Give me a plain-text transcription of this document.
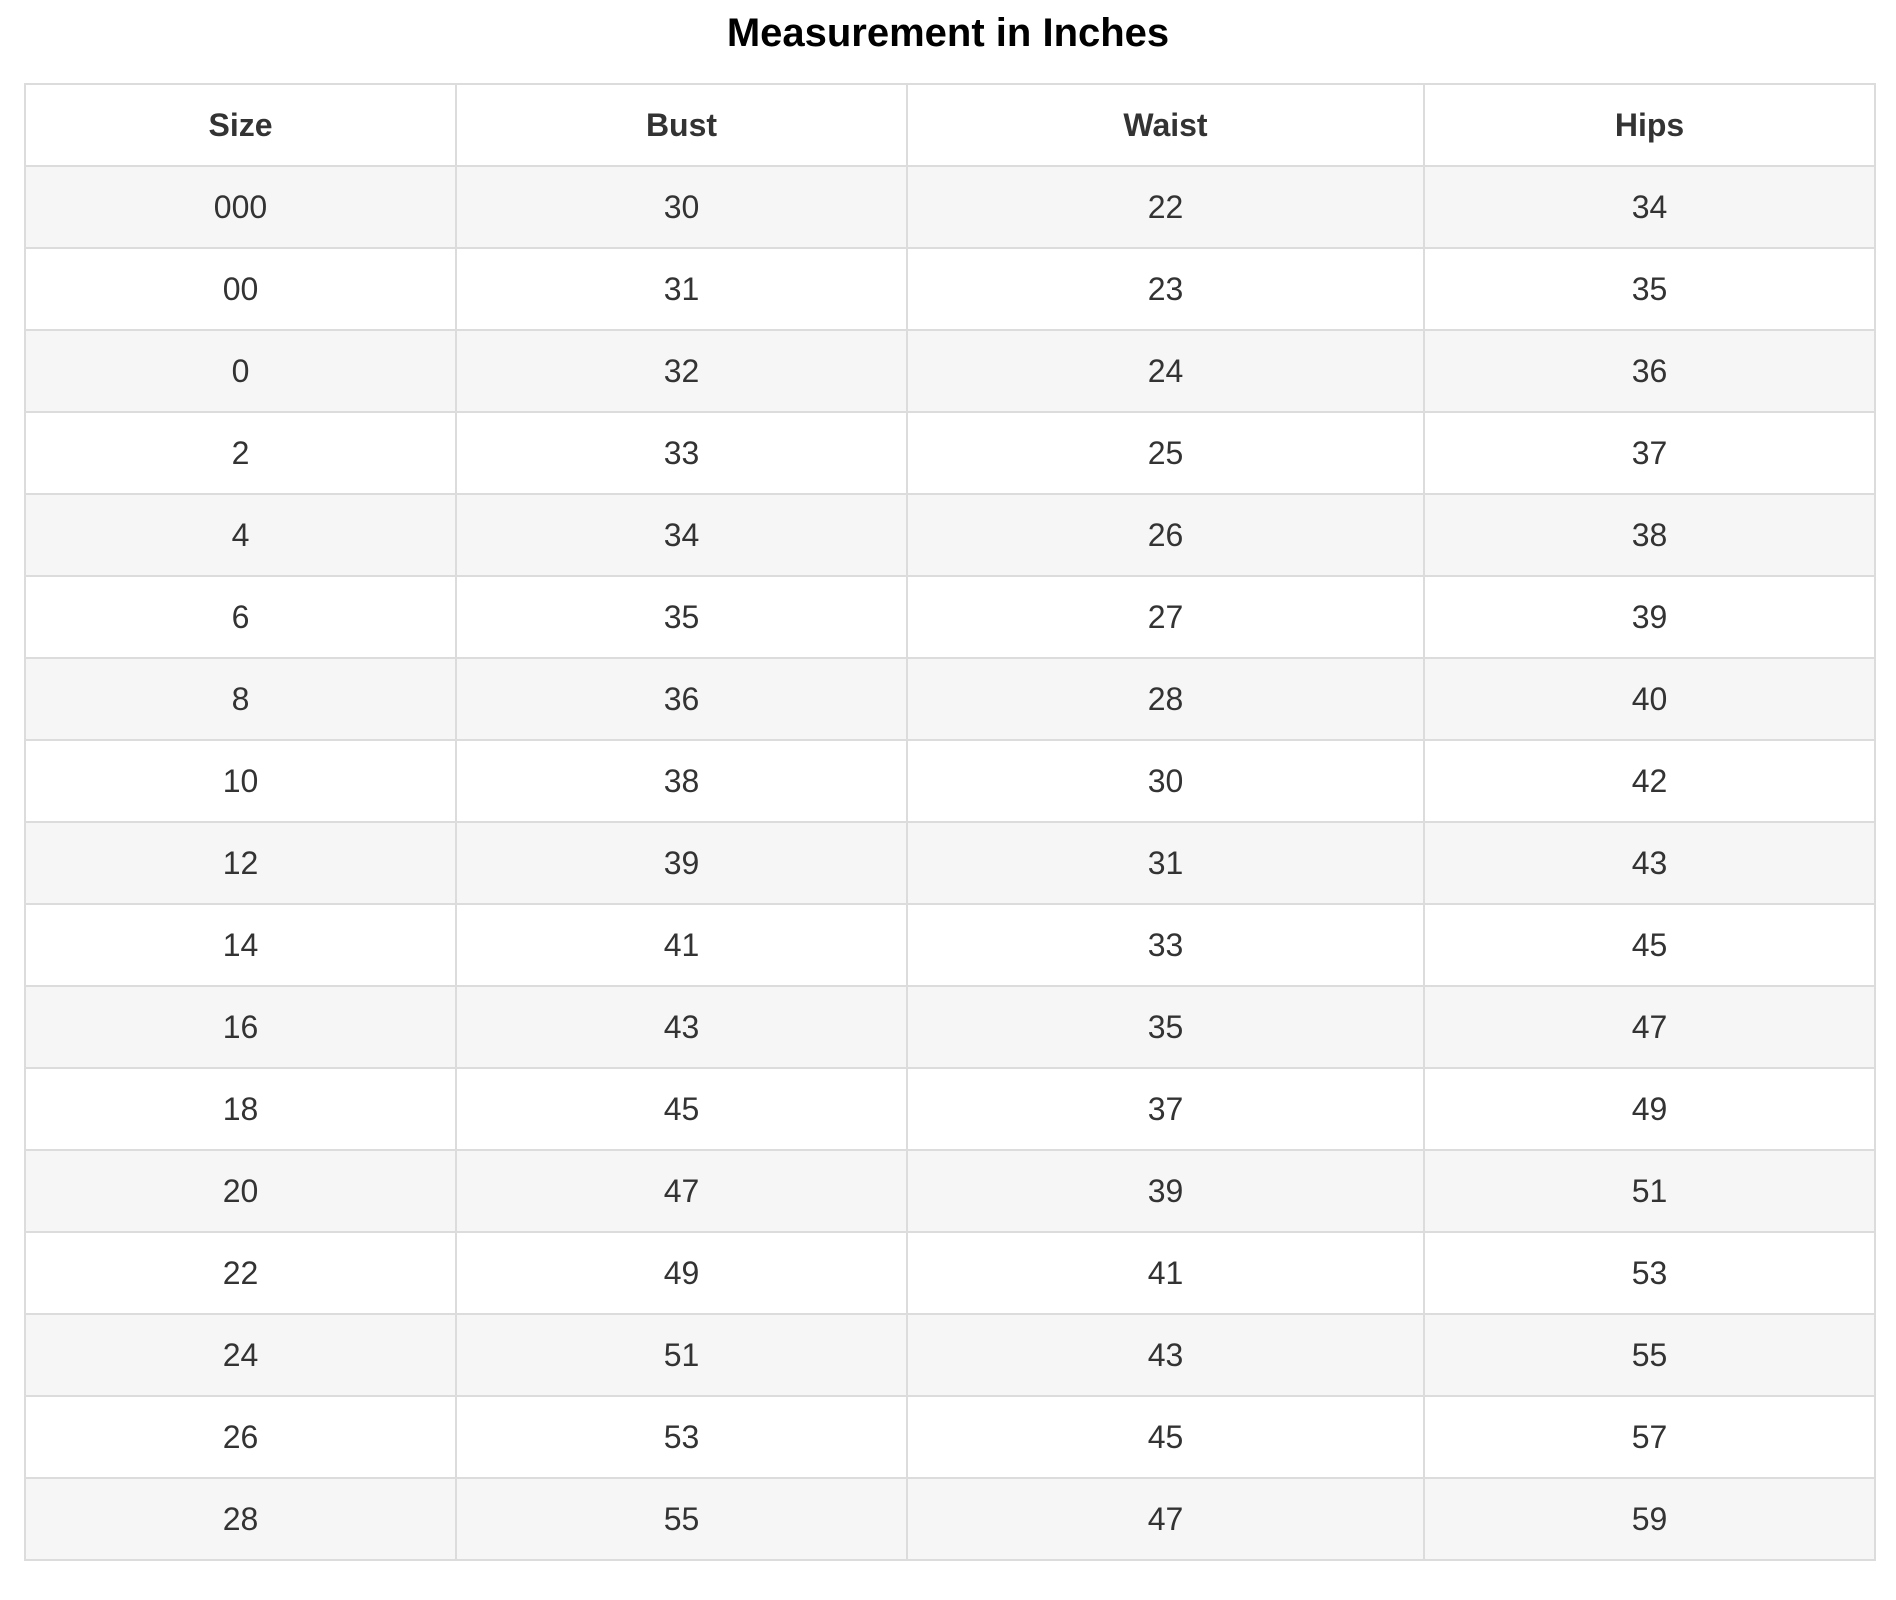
Measurement in Inches
Size	Bust	Waist	Hips
000	30	22	34
00	31	23	35
0	32	24	36
2	33	25	37
4	34	26	38
6	35	27	39
8	36	28	40
10	38	30	42
12	39	31	43
14	41	33	45
16	43	35	47
18	45	37	49
20	47	39	51
22	49	41	53
24	51	43	55
26	53	45	57
28	55	47	59
